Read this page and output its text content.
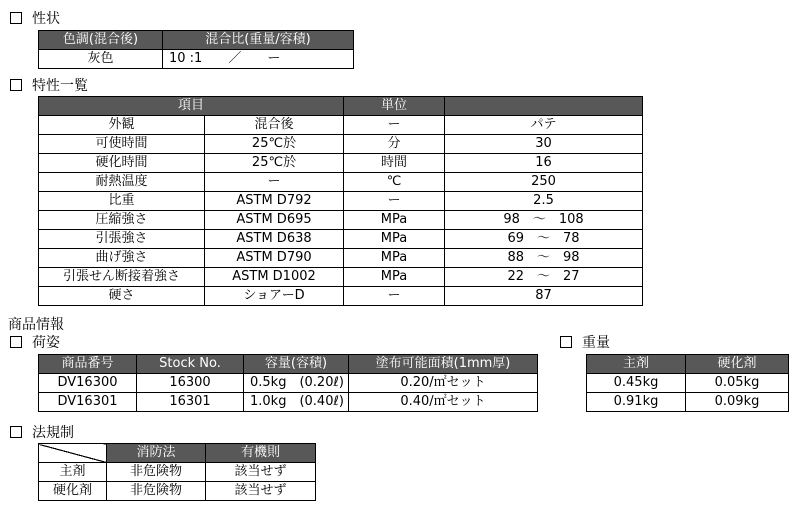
性状
色調(混合後)	混合比(重量/容積)
灰色	10 :1　　／　　ー
特性一覧
項目		単位	
外観	混合後	ー	パテ
可使時間	25℃於	分	30
硬化時間	25℃於	時間	16
耐熱温度	ー	℃	250
比重	ASTM D792	ー	2.5
圧縮強さ	ASTM D695	MPa	98　～　108
引張強さ	ASTM D638	MPa	69　～　78
曲げ強さ	ASTM D790	MPa	88　～　98
引張せん断接着強さ	ASTM D1002	MPa	22　～　27
硬さ	ショアーD	ー	87
商品情報
荷姿
商品番号	Stock No.	容量(容積)	塗布可能面積(1mm厚)
DV16300	16300	0.5kg　(0.20ℓ)	0.20/㎡セット
DV16301	16301	1.0kg　(0.40ℓ)	0.40/㎡セット
重量
主剤	硬化剤
0.45kg	0.05kg
0.91kg	0.09kg
法規制
	消防法	有機則
主剤	非危険物	該当せず
硬化剤	非危険物	該当せず
